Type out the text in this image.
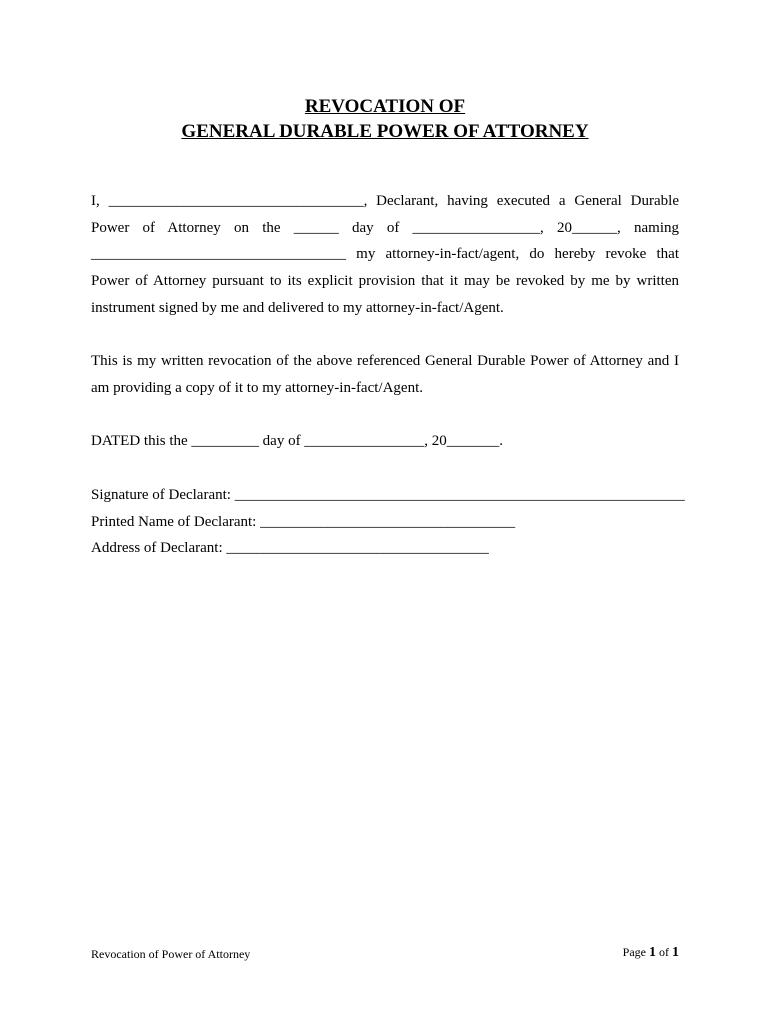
REVOCATION OF
GENERAL DURABLE POWER OF ATTORNEY

I, __________________________________, Declarant, having executed a General Durable Power of Attorney on the ______ day of _________________, 20______, naming __________________________________ my attorney-in-fact/agent, do hereby revoke that Power of Attorney pursuant to its explicit provision that it may be revoked by me by written instrument signed by me and delivered to my attorney-in-fact/Agent.

This is my written revocation of the above referenced General Durable Power of Attorney and I am providing a copy of it to my attorney-in-fact/Agent.

DATED this the _________ day of ________________, 20_______.

Signature of Declarant: ____________________________________________________________
Printed Name of Declarant: __________________________________
Address of Declarant: ___________________________________
Revocation of Power of Attorney	Page 1 of 1
